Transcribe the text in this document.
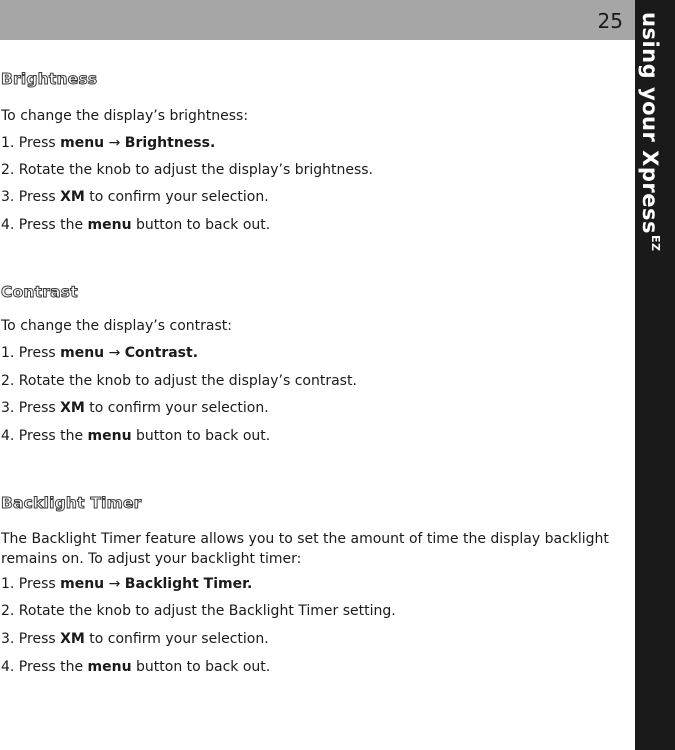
25 using your Xpress$^{EZ}$
Brightness

To change the display’s brightness:

1. Press menu → Brightness.

2. Rotate the knob to adjust the display’s brightness.

3. Press XM to confirm your selection.

4. Press the menu button to back out.

Contrast

To change the display’s contrast:

1. Press menu → Contrast.

2. Rotate the knob to adjust the display’s contrast.

3. Press XM to confirm your selection.

4. Press the menu button to back out.

Backlight Timer

The Backlight Timer feature allows you to set the amount of time the display backlight remains on. To adjust your backlight timer:

1. Press menu → Backlight Timer.

2. Rotate the knob to adjust the Backlight Timer setting.

3. Press XM to confirm your selection.

4. Press the menu button to back out.
